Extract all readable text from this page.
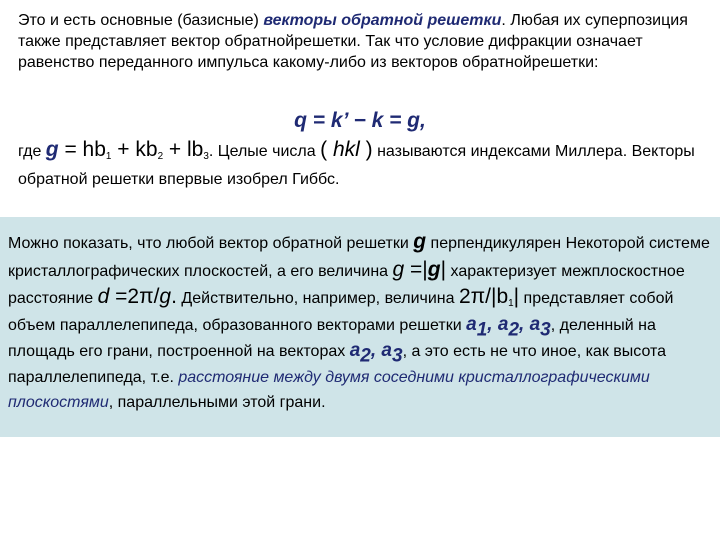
Это и есть основные (базисные) векторы обратной решетки. Любая их суперпозиция также представляет вектор обратнойрешетки. Так что условие дифракции означает равенство переданного импульса какому-либо из векторов обратнойрешетки:
q = k’ − k = g,
где $g = hb_1 + kb_2 + lb_3$. Целые числа ( hkl ) называются индексами Миллера. Векторы обратной решетки впервые изобрел Гиббс.
Можно показать, что любой вектор обратной решетки g перпендикулярен Некоторой системе кристаллографических плоскостей, а его величина g =|g| характеризует межплоскостное расстояние d =2π/g. Действительно, например, величина $2\pi/|b_1|$ представляет собой объем параллелепипеда, образованного векторами решетки $a_1$, $a_2$, $a_3$, деленный на площадь его грани, построенной на векторах $a_2$, $a_3$, а это есть не что иное, как высота параллелепипеда, т.е. расстояние между двумя соседними кристаллографическими плоскостями, параллельными этой грани.
